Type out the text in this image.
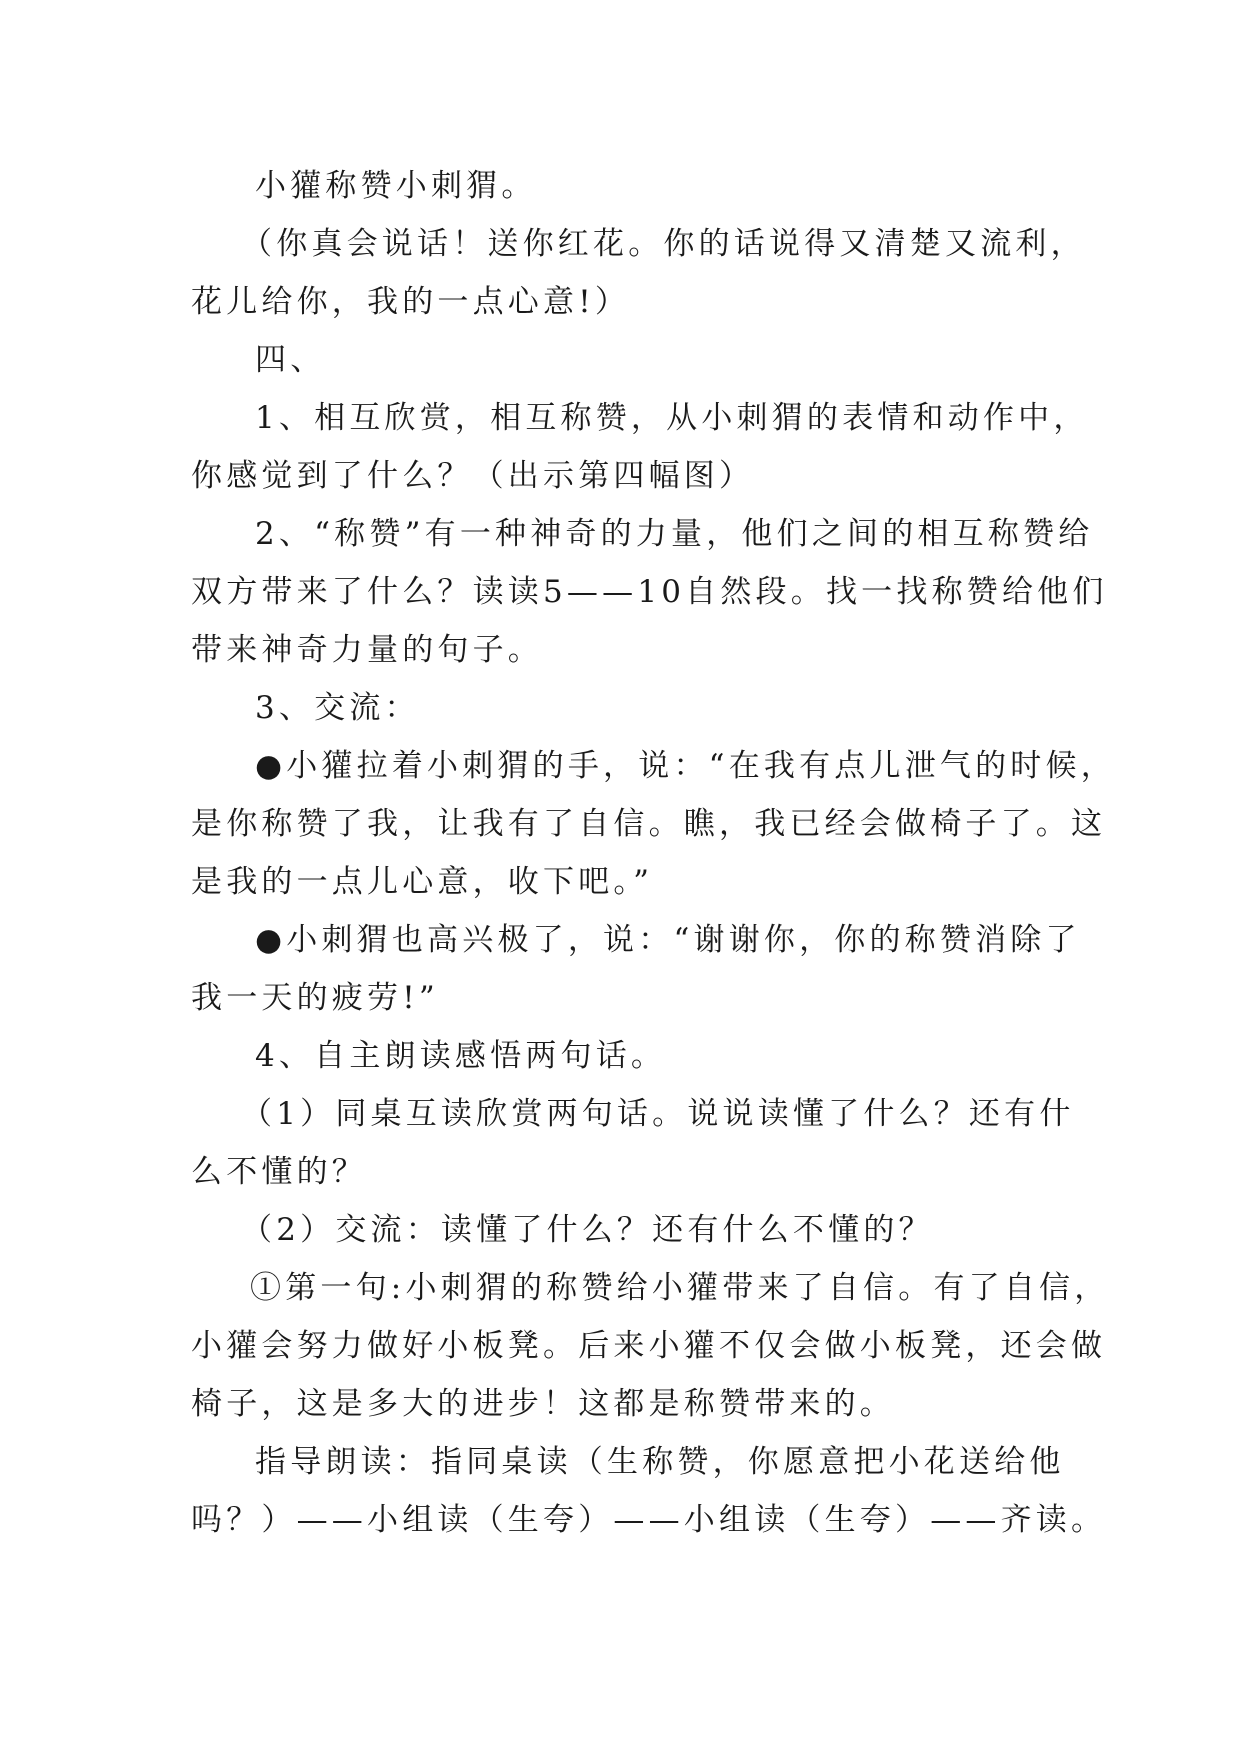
小獾称赞小刺猬。
（你真会说话！送你红花。你的话说得又清楚又流利，
花儿给你，我的一点心意!）
四、
1、相互欣赏，相互称赞，从小刺猬的表情和动作中，
你感觉到了什么？（出示第四幅图）
2、“称赞”有一种神奇的力量，他们之间的相互称赞给
双方带来了什么？读读5——10自然段。找一找称赞给他们
带来神奇力量的句子。
3、交流：
●小獾拉着小刺猬的手，说：“在我有点儿泄气的时候，
是你称赞了我，让我有了自信。瞧，我已经会做椅子了。这
是我的一点儿心意，收下吧。”
●小刺猬也高兴极了，说：“谢谢你，你的称赞消除了
我一天的疲劳!”
4、自主朗读感悟两句话。
（1）同桌互读欣赏两句话。说说读懂了什么？还有什
么不懂的？
（2）交流：读懂了什么？还有什么不懂的？
①第一句:小刺猬的称赞给小獾带来了自信。有了自信，
小獾会努力做好小板凳。后来小獾不仅会做小板凳，还会做
椅子，这是多大的进步！这都是称赞带来的。
指导朗读：指同桌读（生称赞，你愿意把小花送给他
吗？）——小组读（生夸）——小组读（生夸）——齐读。
